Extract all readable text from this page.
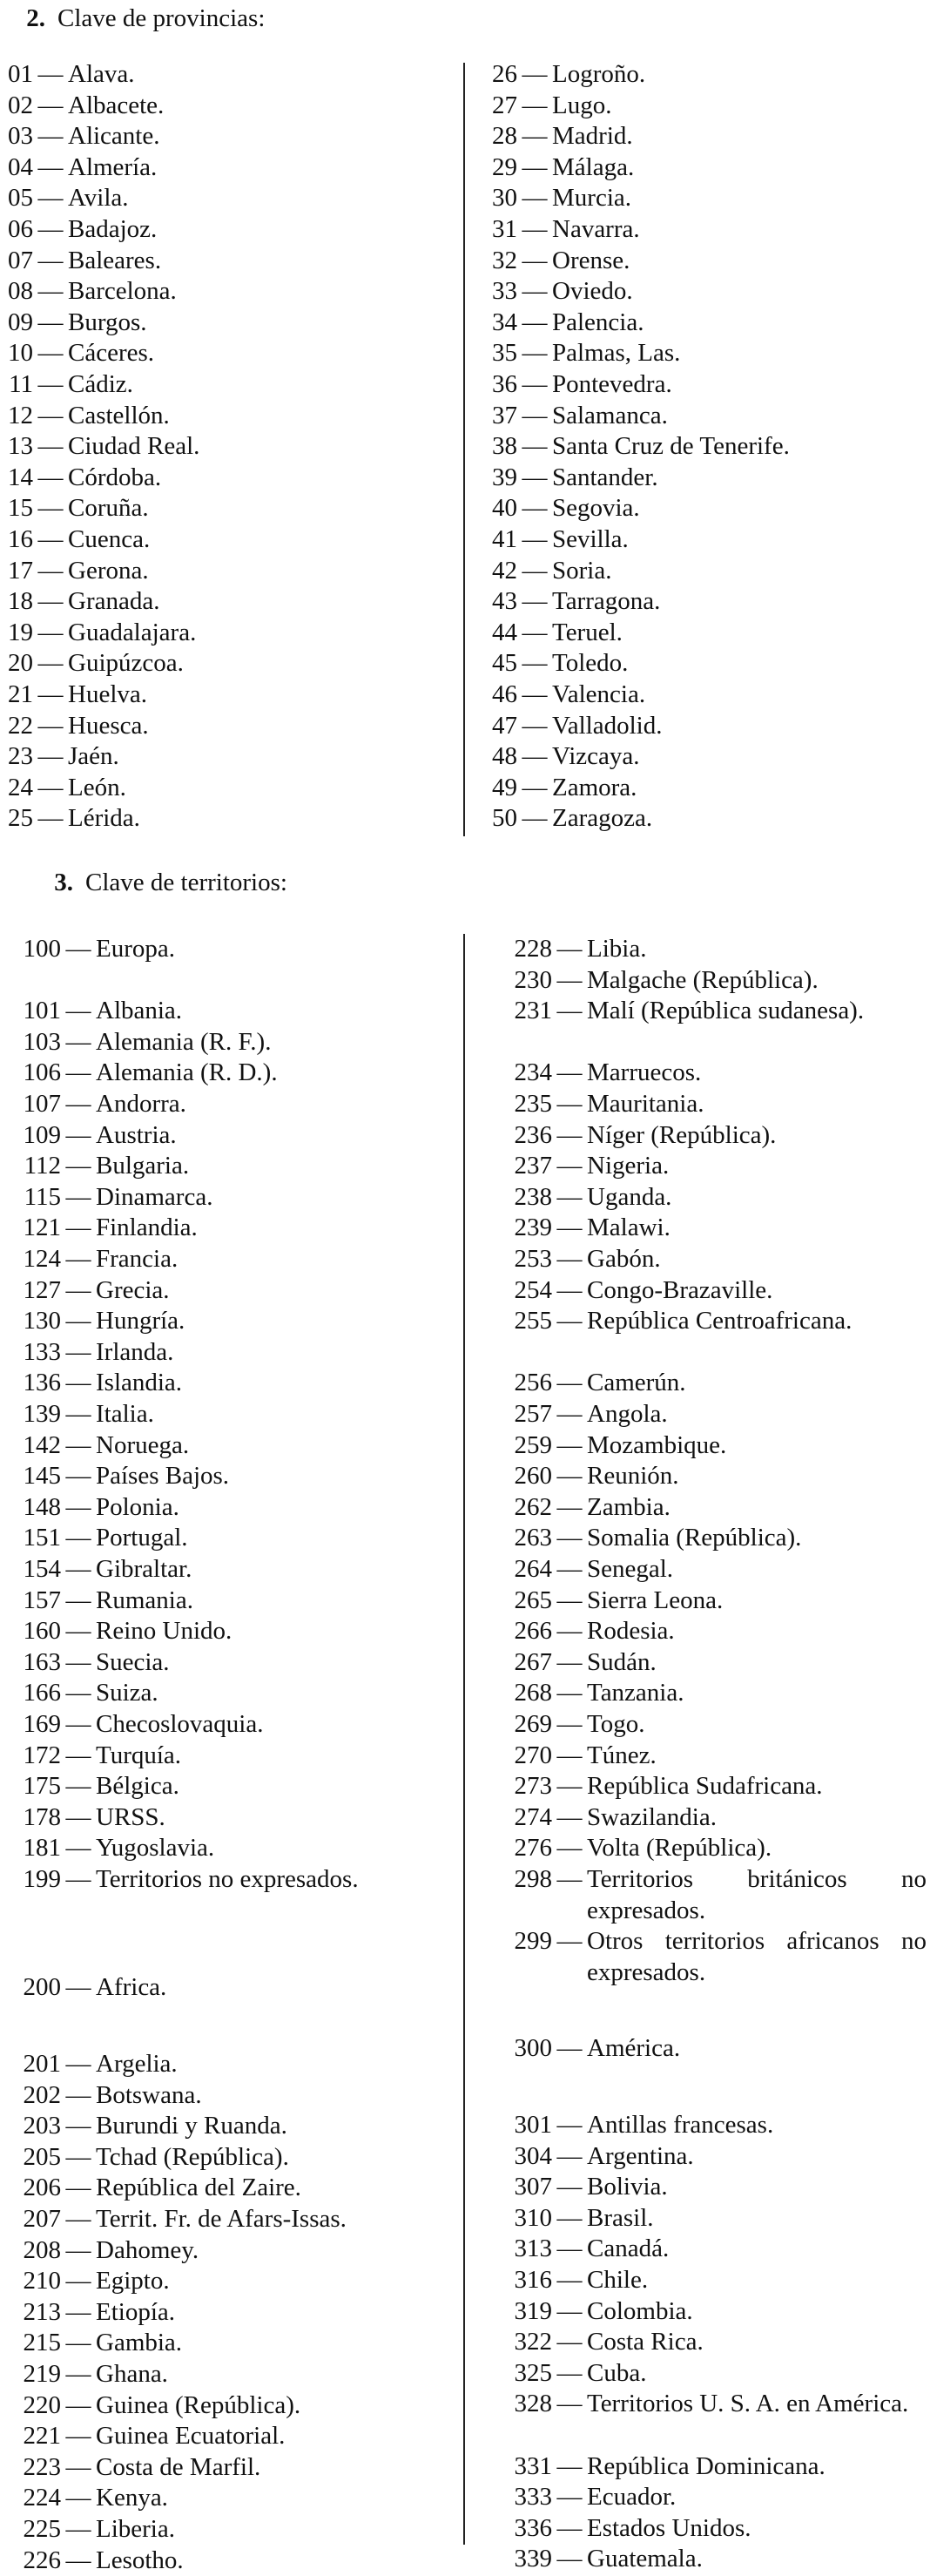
2. Clave de provincias:
01 — Alava.
02 — Albacete.
03 — Alicante.
04 — Almería.
05 — Avila.
06 — Badajoz.
07 — Baleares.
08 — Barcelona.
09 — Burgos.
10 — Cáceres.
11 — Cádiz.
12 — Castellón.
13 — Ciudad Real.
14 — Córdoba.
15 — Coruña.
16 — Cuenca.
17 — Gerona.
18 — Granada.
19 — Guadalajara.
20 — Guipúzcoa.
21 — Huelva.
22 — Huesca.
23 — Jaén.
24 — León.
25 — Lérida.
26 — Logroño.
27 — Lugo.
28 — Madrid.
29 — Málaga.
30 — Murcia.
31 — Navarra.
32 — Orense.
33 — Oviedo.
34 — Palencia.
35 — Palmas, Las.
36 — Pontevedra.
37 — Salamanca.
38 — Santa Cruz de Tenerife.
39 — Santander.
40 — Segovia.
41 — Sevilla.
42 — Soria.
43 — Tarragona.
44 — Teruel.
45 — Toledo.
46 — Valencia.
47 — Valladolid.
48 — Vizcaya.
49 — Zamora.
50 — Zaragoza.
3. Clave de territorios:
100 — Europa.
101 — Albania.
103 — Alemania (R. F.).
106 — Alemania (R. D.).
107 — Andorra.
109 — Austria.
112 — Bulgaria.
115 — Dinamarca.
121 — Finlandia.
124 — Francia.
127 — Grecia.
130 — Hungría.
133 — Irlanda.
136 — Islandia.
139 — Italia.
142 — Noruega.
145 — Países Bajos.
148 — Polonia.
151 — Portugal.
154 — Gibraltar.
157 — Rumania.
160 — Reino Unido.
163 — Suecia.
166 — Suiza.
169 — Checoslovaquia.
172 — Turquía.
175 — Bélgica.
178 — URSS.
181 — Yugoslavia.
199 — Territorios no expresados.
200 — Africa.
201 — Argelia.
202 — Botswana.
203 — Burundi y Ruanda.
205 — Tchad (República).
206 — República del Zaire.
207 — Territ. Fr. de Afars-Issas.
208 — Dahomey.
210 — Egipto.
213 — Etiopía.
215 — Gambia.
219 — Ghana.
220 — Guinea (República).
221 — Guinea Ecuatorial.
223 — Costa de Marfil.
224 — Kenya.
225 — Liberia.
226 — Lesotho.
228 — Libia.
230 — Malgache (República).
231 — Malí (República sudanesa).
234 — Marruecos.
235 — Mauritania.
236 — Níger (República).
237 — Nigeria.
238 — Uganda.
239 — Malawi.
253 — Gabón.
254 — Congo-Brazaville.
255 — República Centroafricana.
256 — Camerún.
257 — Angola.
259 — Mozambique.
260 — Reunión.
262 — Zambia.
263 — Somalia (República).
264 — Senegal.
265 — Sierra Leona.
266 — Rodesia.
267 — Sudán.
268 — Tanzania.
269 — Togo.
270 — Túnez.
273 — República Sudafricana.
274 — Swazilandia.
276 — Volta (República).
298 — Territorios británicos no expresados.
299 — Otros territorios africanos no expresados.
300 — América.
301 — Antillas francesas.
304 — Argentina.
307 — Bolivia.
310 — Brasil.
313 — Canadá.
316 — Chile.
319 — Colombia.
322 — Costa Rica.
325 — Cuba.
328 — Territorios U. S. A. en América.
331 — República Dominicana.
333 — Ecuador.
336 — Estados Unidos.
339 — Guatemala.
